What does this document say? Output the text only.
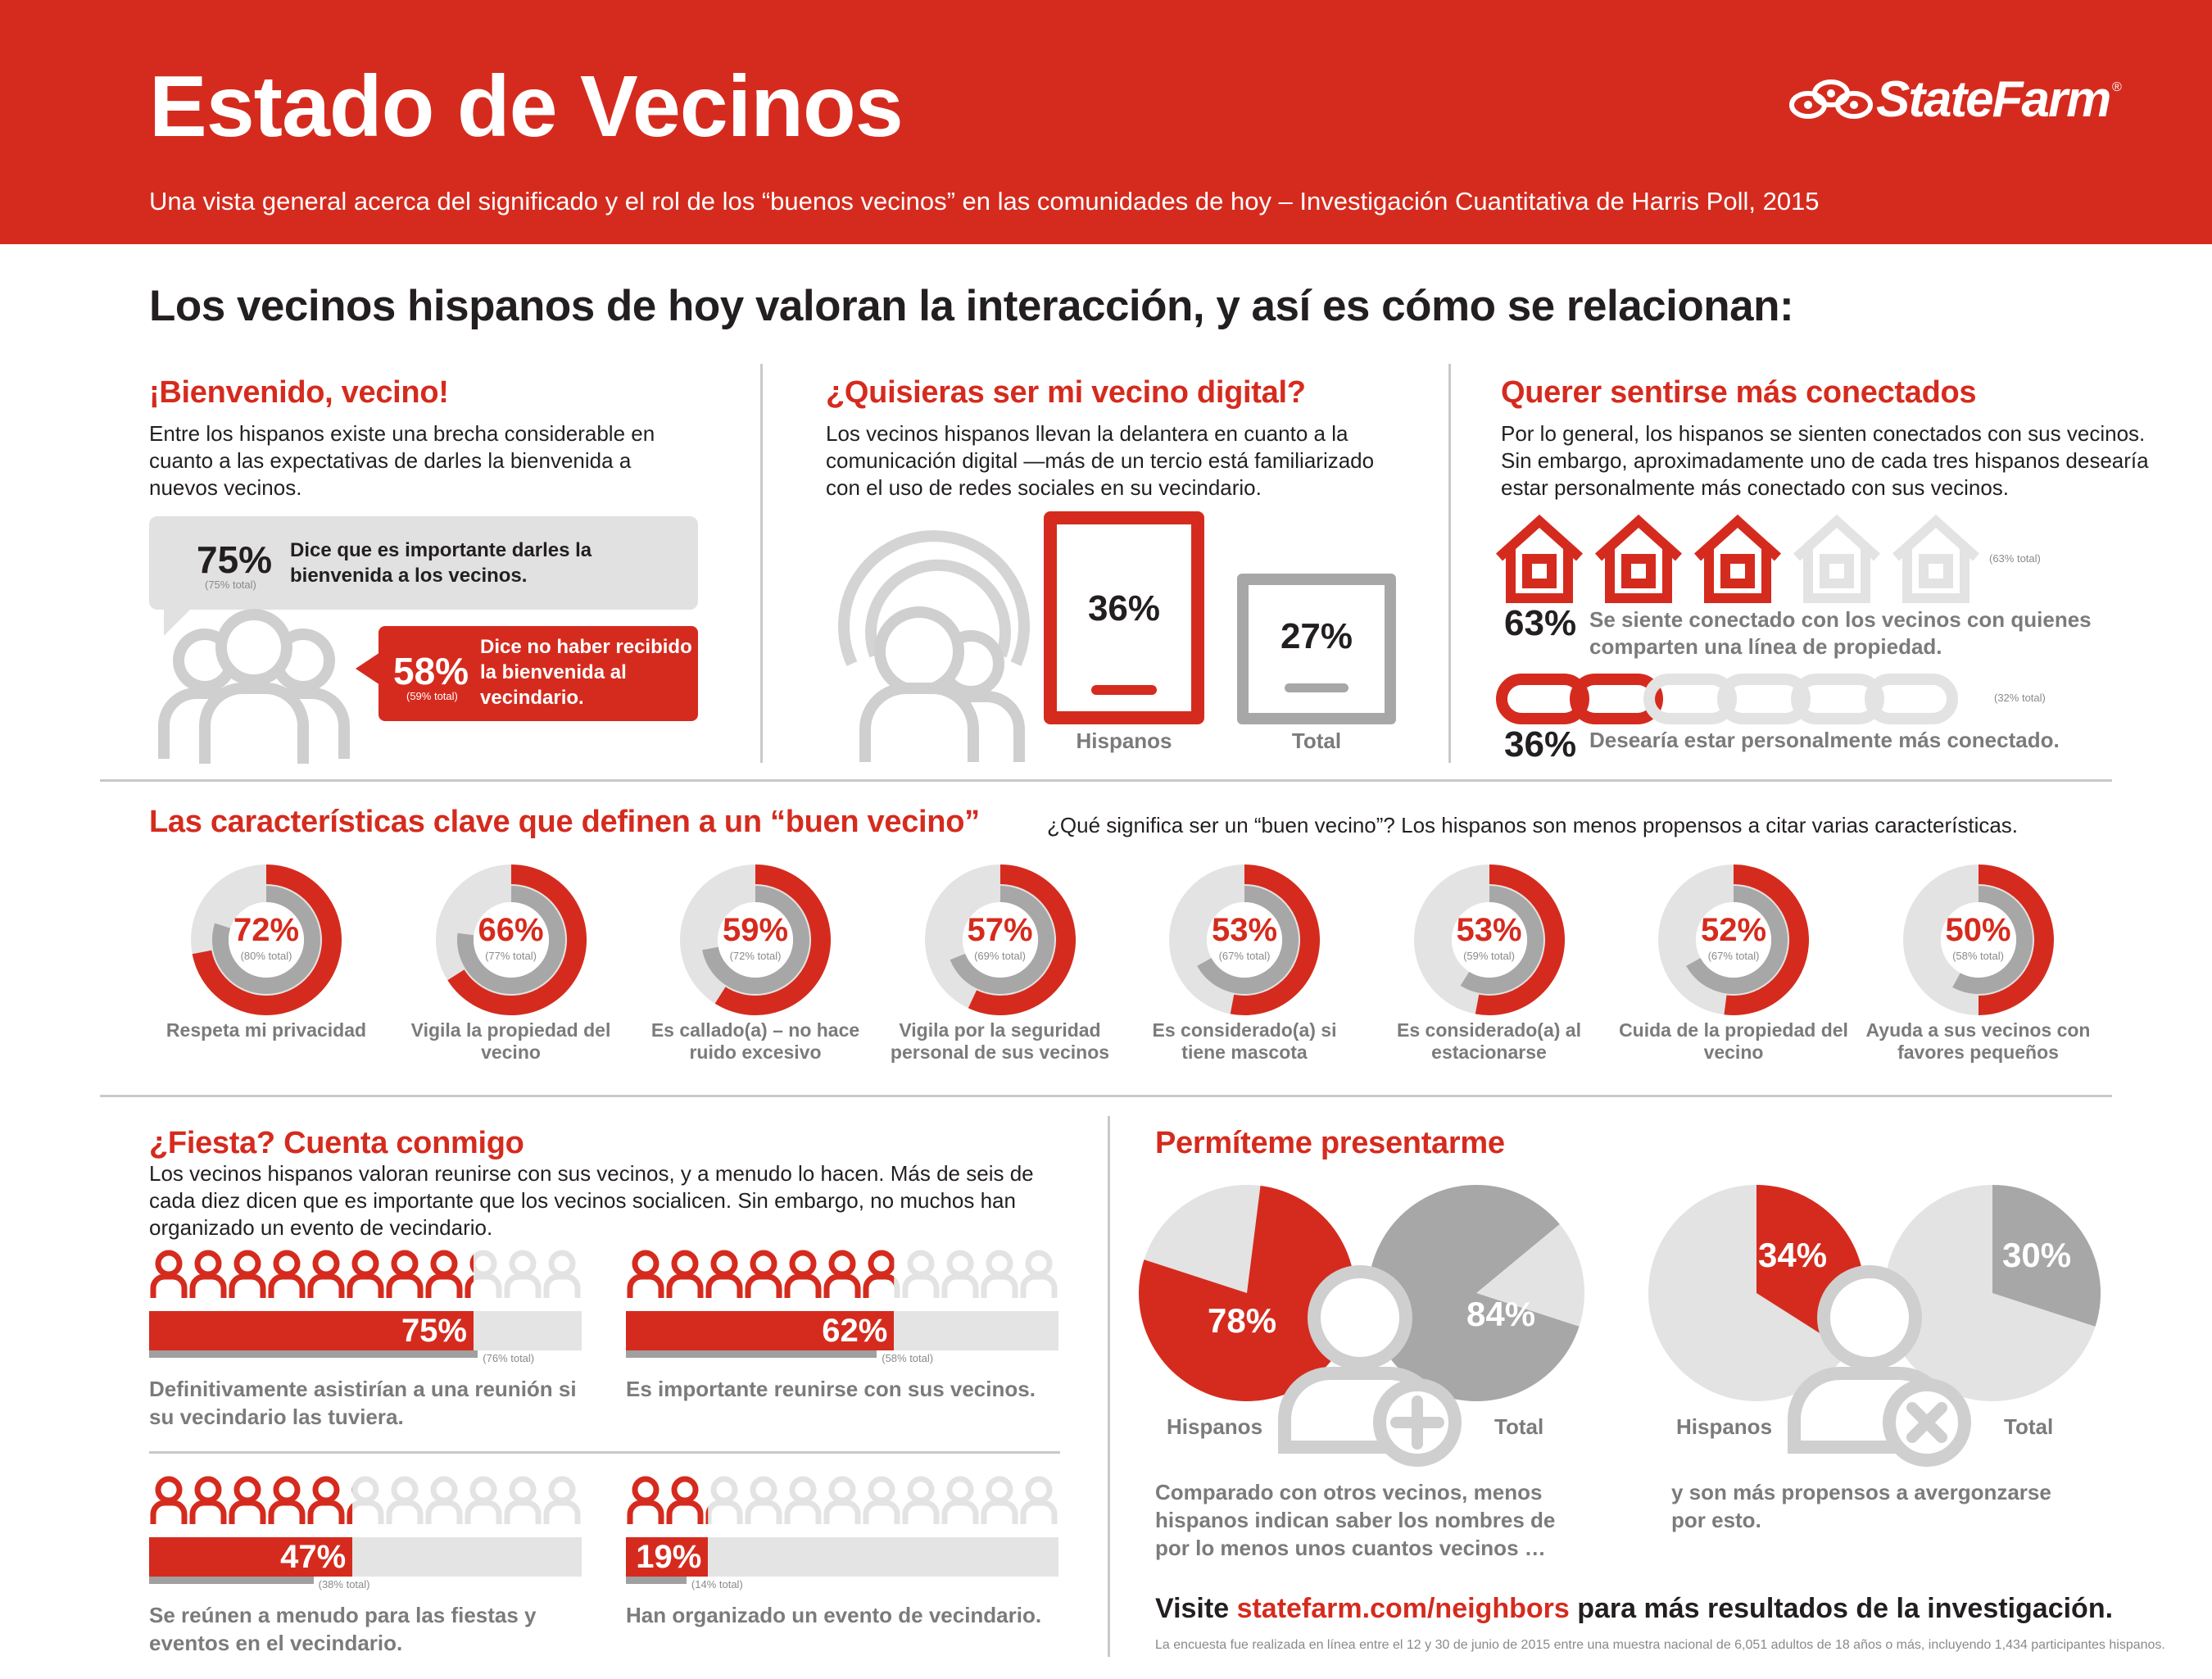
Estado de Vecinos
Una vista general acerca del significado y el rol de los “buenos vecinos” en las comunidades de hoy – Investigación Cuantitativa de Harris Poll, 2015
StateFarm ®
Los vecinos hispanos de hoy valoran la interacción, y así es cómo se relacionan:
¡Bienvenido, vecino!
Entre los hispanos existe una brecha considerable en cuanto a las expectativas de darles la bienvenida a nuevos vecinos.
75%
(75% total)
Dice que es importante darles la bienvenida a los vecinos.
58%
(59% total)
Dice no haber recibido la bienvenida al vecindario.
¿Quisieras ser mi vecino digital?
Los vecinos hispanos llevan la delantera en cuanto a la comunicación digital —más de un tercio está familiarizado con el uso de redes sociales en su vecindario.
36%
Hispanos
27%
Total
Querer sentirse más conectados
Por lo general, los hispanos se sienten conectados con sus vecinos. Sin embargo, aproximadamente uno de cada tres hispanos desearía estar personalmente más conectado con sus vecinos.
(63% total)
63% Se siente conectado con los vecinos con quienes comparten una línea de propiedad.
(32% total)
36% Desearía estar personalmente más conectado.
Las características clave que definen a un “buen vecino”	¿Qué significa ser un “buen vecino”? Los hispanos son menos propensos a citar varias características.
72%
(80% total)
Respeta mi privacidad
66%
(77% total)
Vigila la propiedad del vecino
59%
(72% total)
Es callado(a) – no hace ruido excesivo
57%
(69% total)
Vigila por la seguridad personal de sus vecinos
53%
(67% total)
Es considerado(a) si tiene mascota
53%
(59% total)
Es considerado(a) al estacionarse
52%
(67% total)
Cuida de la propiedad del vecino
50%
(58% total)
Ayuda a sus vecinos con favores pequeños
¿Fiesta? Cuenta conmigo
Los vecinos hispanos valoran reunirse con sus vecinos, y a menudo lo hacen. Más de seis de cada diez dicen que es importante que los vecinos socialicen. Sin embargo, no muchos han organizado un evento de vecindario.
75%
(76% total)
Definitivamente asistirían a una reunión si su vecindario las tuviera.
62%
(58% total)
Es importante reunirse con sus vecinos.
47%
(38% total)
Se reúnen a menudo para las fiestas y eventos en el vecindario.
19%
(14% total)
Han organizado un evento de vecindario.
Permíteme presentarme
78%	84%
34%	30%
Hispanos	Total	Hispanos	Total
Comparado con otros vecinos, menos hispanos indican saber los nombres de por lo menos unos cuantos vecinos …
y son más propensos a avergonzarse por esto.
Visite statefarm.com/neighbors para más resultados de la investigación.
La encuesta fue realizada en línea entre el 12 y 30 de junio de 2015 entre una muestra nacional de 6,051 adultos de 18 años o más, incluyendo 1,434 participantes hispanos.
